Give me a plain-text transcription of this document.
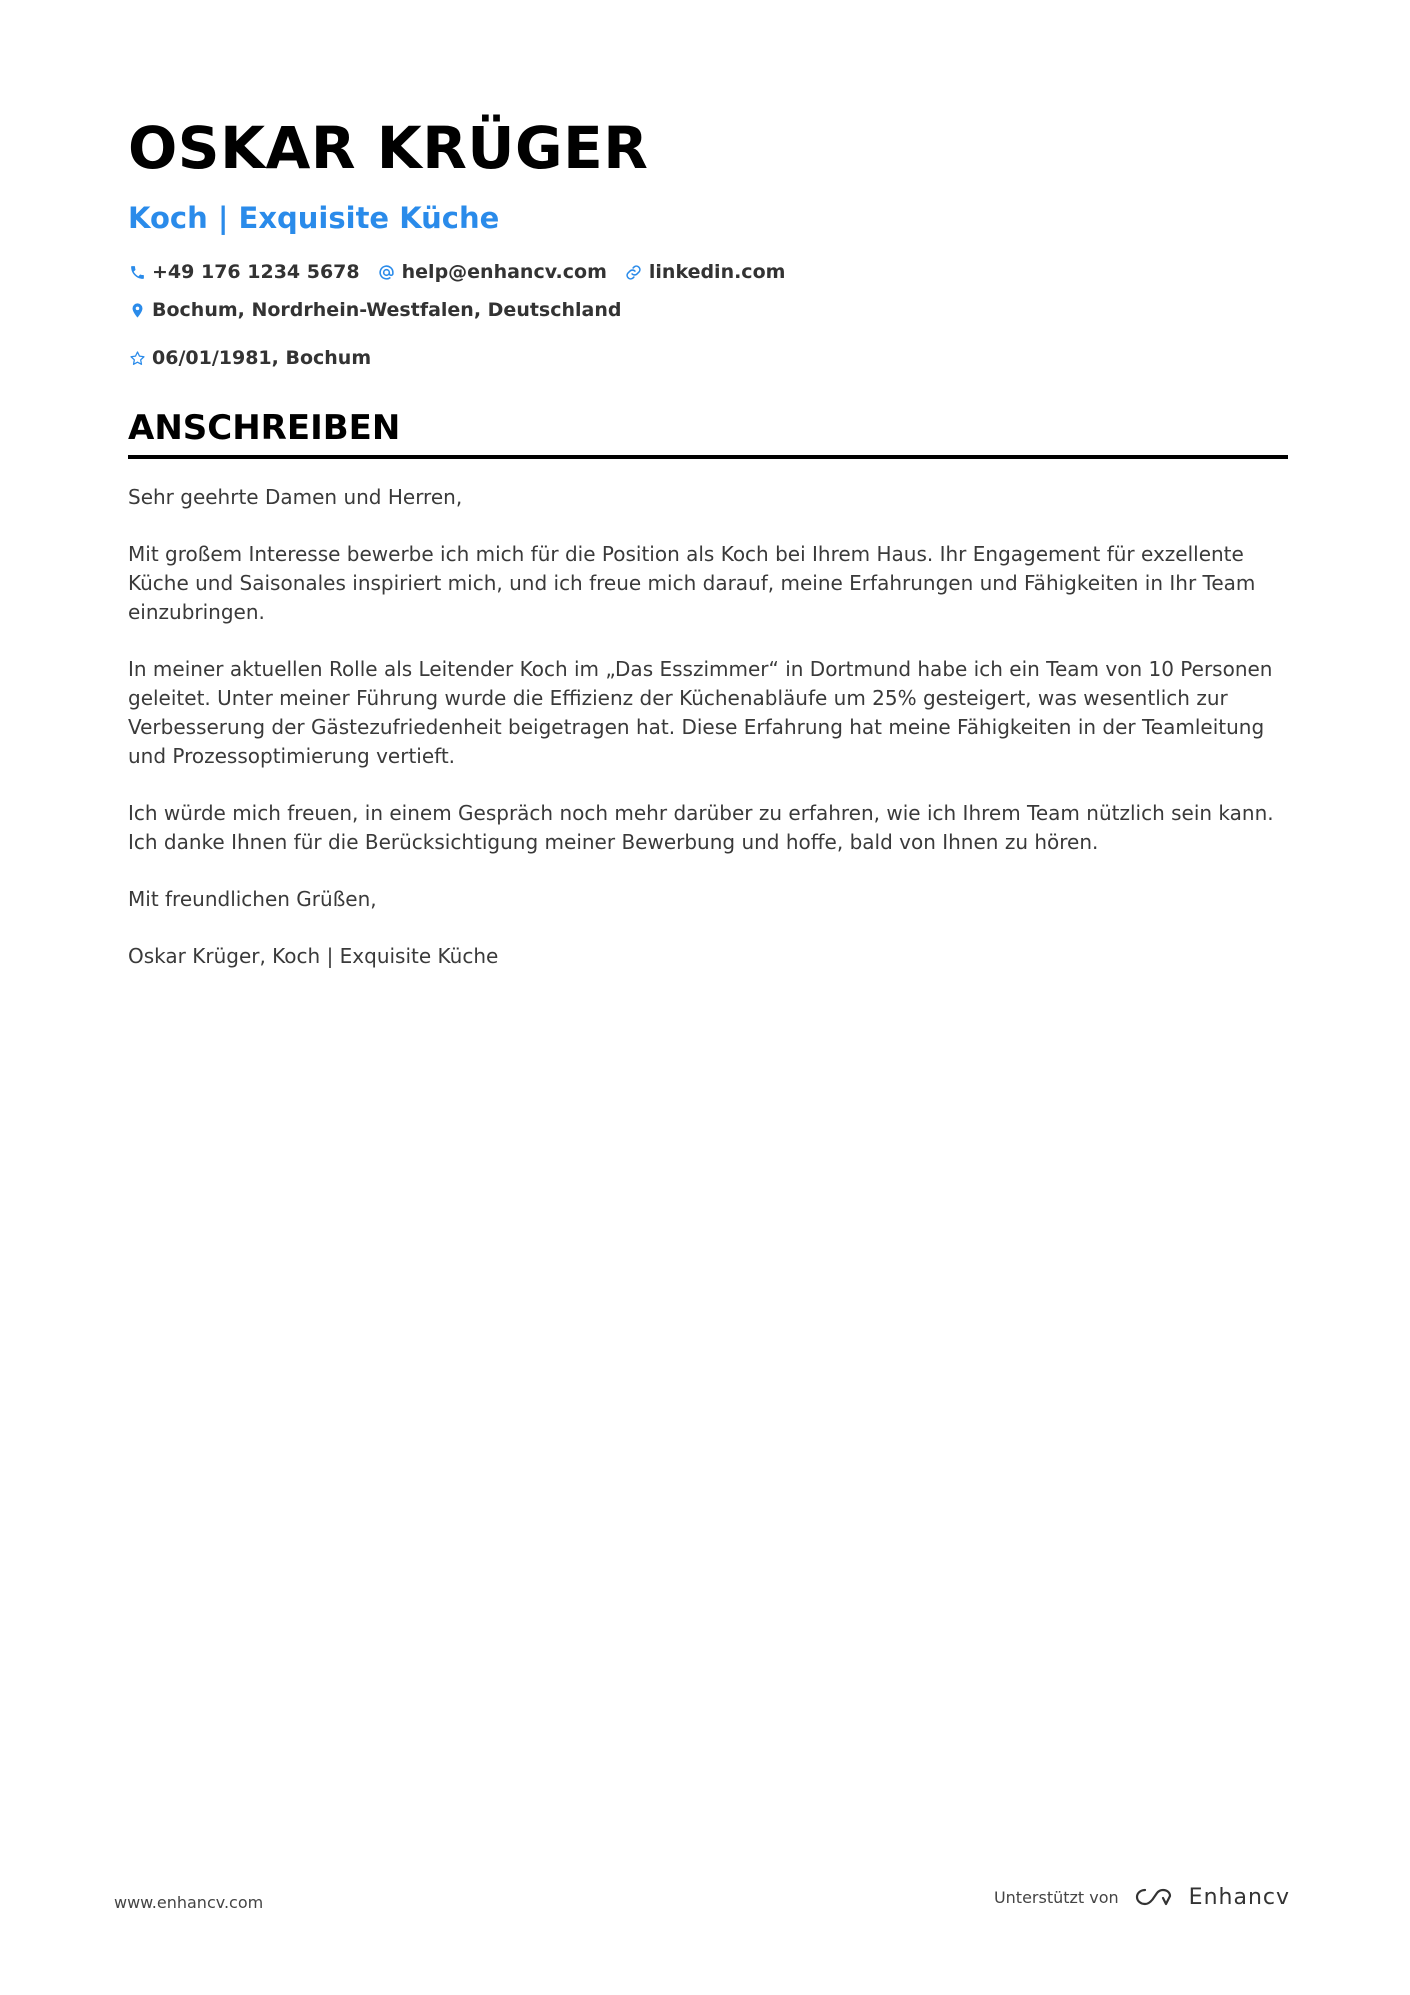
OSKAR KRÜGER
Koch | Exquisite Küche
+49 176 1234 5678 help@enhancv.com linkedin.com
Bochum, Nordrhein-Westfalen, Deutschland
06/01/1981, Bochum
ANSCHREIBEN

Sehr geehrte Damen und Herren,

Mit großem Interesse bewerbe ich mich für die Position als Koch bei Ihrem Haus. Ihr Engagement für exzellente Küche und Saisonales inspiriert mich, und ich freue mich darauf, meine Erfahrungen und Fähigkeiten in Ihr Team einzubringen.

In meiner aktuellen Rolle als Leitender Koch im „Das Esszimmer“ in Dortmund habe ich ein Team von 10 Personen geleitet. Unter meiner Führung wurde die Effizienz der Küchenabläufe um 25% gesteigert, was wesentlich zur Verbesserung der Gästezufriedenheit beigetragen hat. Diese Erfahrung hat meine Fähigkeiten in der Teamleitung und Prozessoptimierung vertieft.

Ich würde mich freuen, in einem Gespräch noch mehr darüber zu erfahren, wie ich Ihrem Team nützlich sein kann. Ich danke Ihnen für die Berücksichtigung meiner Bewerbung und hoffe, bald von Ihnen zu hören.

Mit freundlichen Grüßen,

Oskar Krüger, Koch | Exquisite Küche

www.enhancv.com	Unterstützt von	Enhancv
